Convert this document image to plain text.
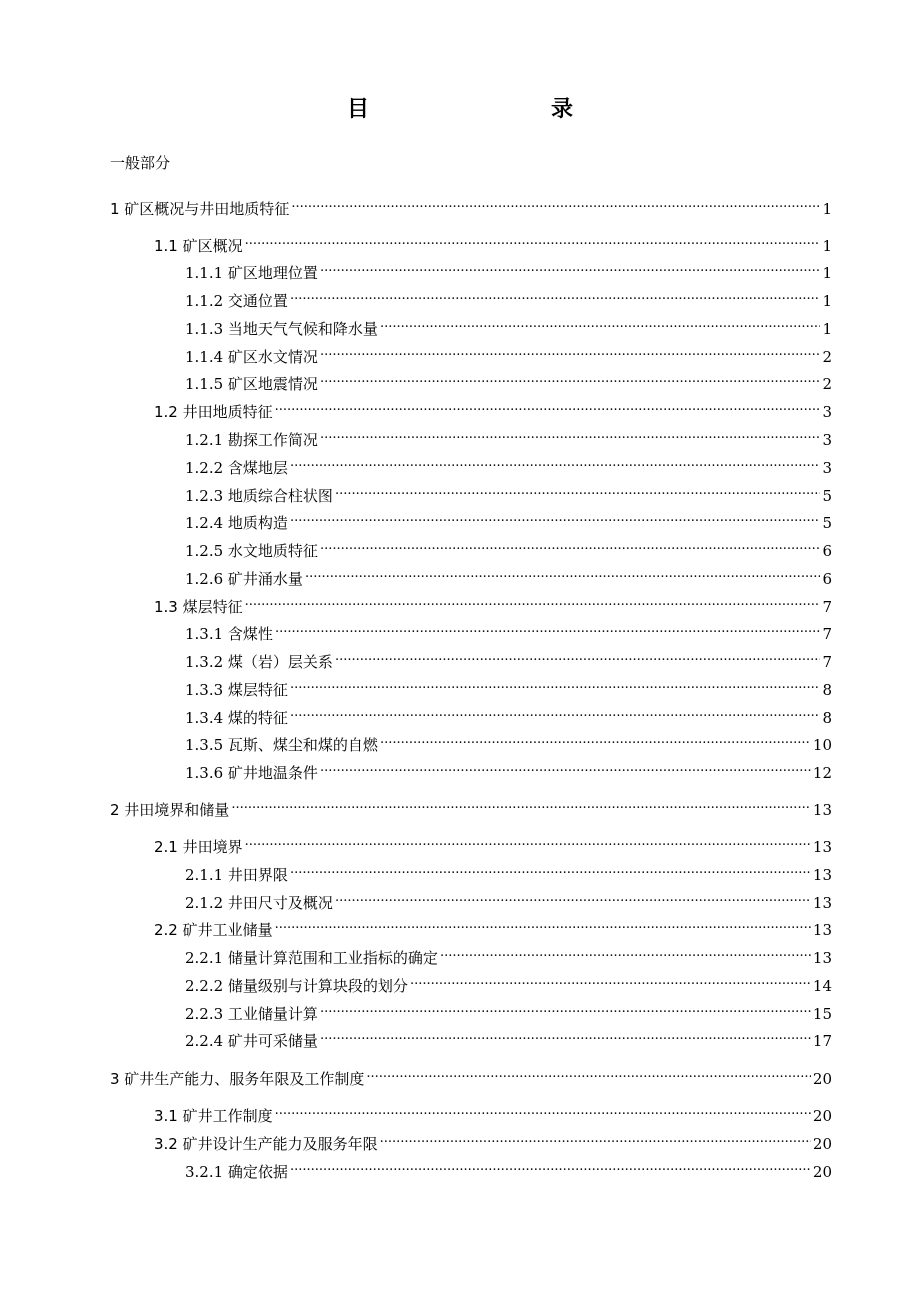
目　　录
一般部分
1 矿区概况与井田地质特征 .....	1
1.1 矿区概况 .....	1
1.1.1 矿区地理位置 .....	1
1.1.2 交通位置 .....	1
1.1.3 当地天气气候和降水量 .....	1
1.1.4 矿区水文情况 .....	2
1.1.5 矿区地震情况 .....	2
1.2 井田地质特征 .....	3
1.2.1 勘探工作简况 .....	3
1.2.2 含煤地层 .....	3
1.2.3 地质综合柱状图 .....	5
1.2.4 地质构造 .....	5
1.2.5 水文地质特征 .....	6
1.2.6 矿井涌水量 .....	6
1.3 煤层特征 .....	7
1.3.1 含煤性 .....	7
1.3.2 煤（岩）层关系 .....	7
1.3.3 煤层特征 .....	8
1.3.4 煤的特征 .....	8
1.3.5 瓦斯、煤尘和煤的自燃 .....	10
1.3.6 矿井地温条件 .....	12
2 井田境界和储量 .....	13
2.1 井田境界 .....	13
2.1.1 井田界限 .....	13
2.1.2 井田尺寸及概况 .....	13
2.2 矿井工业储量 .....	13
2.2.1 储量计算范围和工业指标的确定 .....	13
2.2.2 储量级别与计算块段的划分 .....	14
2.2.3 工业储量计算 .....	15
2.2.4 矿井可采储量 .....	17
3 矿井生产能力、服务年限及工作制度 .....	20
3.1 矿井工作制度 .....	20
3.2 矿井设计生产能力及服务年限 .....	20
3.2.1 确定依据 .....	20
